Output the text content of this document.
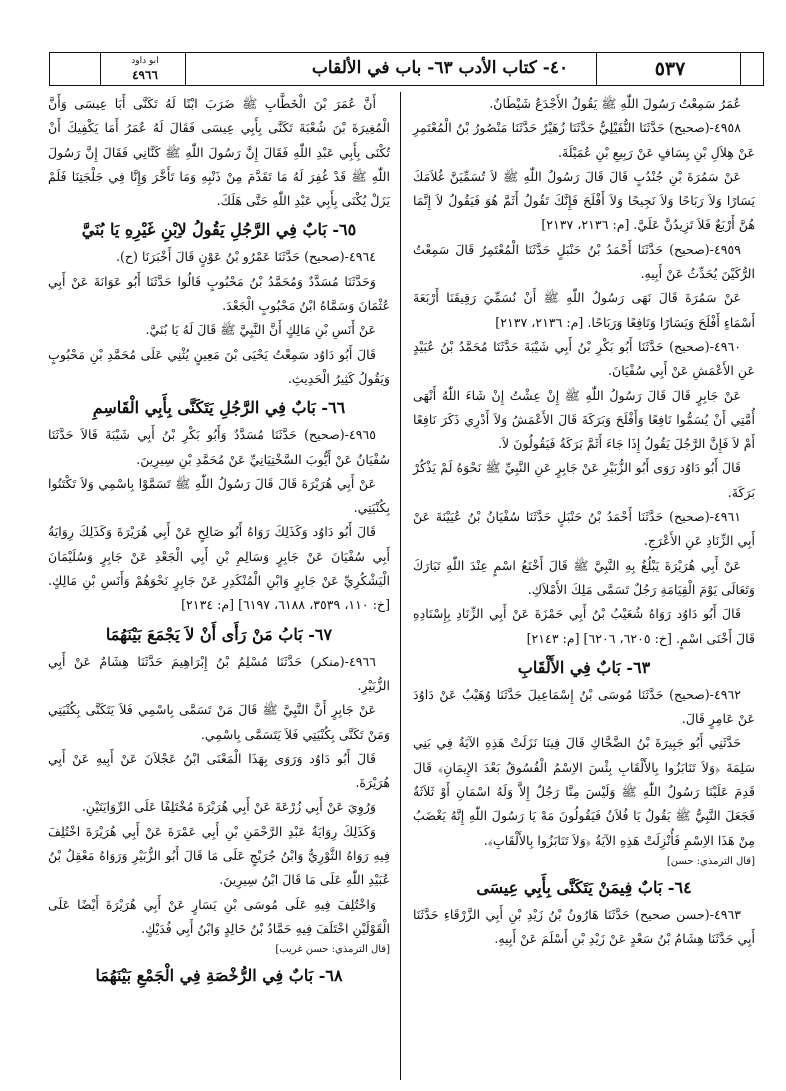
ابو داود
٤٩٦٦	٤٠- كتاب الأدب ٦٣- باب في الألقاب	٥٣٧
عُمَرُ سَمِعْتُ رَسُولَ اللّٰهِ ﷺ يَقُولُ الأَجْدَعُ شَيْطَانٌ.
٤٩٥٨-(صحيح) حَدَّثَنَا النُّفَيْلِيُّ حَدَّثَنَا زُهَيْرٌ حَدَّثَنَا مَنْصُورُ بْنُ الْمُعْتَمِرِ عَنْ هِلاَلِ بْنِ يِسَافٍ عَنْ رَبِيعِ بْنِ عُمَيْلَةَ.
عَنْ سَمُرَةَ بْنِ جُنْدُبٍ قَالَ قَالَ رَسُولُ اللّٰهِ ﷺ لاَ تُسَمِّيَنَّ غُلاَمَكَ يَسَارًا وَلاَ رَبَاحًا وَلاَ نَجِيحًا وَلاَ أَفْلَحَ فَإِنَّكَ تَقُولُ أَثَمَّ هُوَ فَيَقُولُ لاَ إِنَّمَا هُنَّ أَرْبَعٌ فَلاَ تَزِيدُنَّ عَلَيَّ. [م: ٢١٣٦، ٢١٣٧]
٤٩٥٩-(صحيح) حَدَّثَنَا أَحْمَدُ بْنُ حَنْبَلٍ حَدَّثَنَا الْمُعْتَمِرُ قَالَ سَمِعْتُ الرُّكَيْنَ يُحَدِّثُ عَنْ أَبِيهِ.
عَنْ سَمُرَةَ قَالَ نَهَى رَسُولُ اللّٰهِ ﷺ أَنْ نُسَمِّيَ رَقِيقَنَا أَرْبَعَةَ أَسْمَاءٍ أَفْلَحَ وَيَسَارًا وَنَافِعًا وَرَبَاحًا. [م: ٢١٣٦، ٢١٣٧]
٤٩٦٠-(صحيح) حَدَّثَنَا أَبُو بَكْرِ بْنُ أَبِي شَيْبَةَ حَدَّثَنَا مُحَمَّدُ بْنُ عُبَيْدٍ عَنِ الأَعْمَشِ عَنْ أَبِي سُفْيَانَ.
عَنْ جَابِرٍ قَالَ قَالَ رَسُولُ اللّٰهِ ﷺ إِنْ عِشْتُ إِنْ شَاءَ اللّٰهُ أَنْهَى أُمَّتِي أَنْ يُسَمُّوا نَافِعًا وَأَفْلَحَ وَبَرَكَةَ قَالَ الأَعْمَشُ وَلاَ أَدْرِي ذَكَرَ نَافِعًا أَمْ لاَ فَإِنَّ الرَّجُلَ يَقُولُ إِذَا جَاءَ أَثَمَّ بَرَكَةُ فَيَقُولُونَ لاَ.
قَالَ أَبُو دَاوُد رَوَى أَبُو الزُّبَيْرِ عَنْ جَابِرٍ عَنِ النَّبِيِّ ﷺ نَحْوَهُ لَمْ يَذْكُرْ بَرَكَةَ.
٤٩٦١-(صحيح) حَدَّثَنَا أَحْمَدُ بْنُ حَنْبَلٍ حَدَّثَنَا سُفْيَانُ بْنُ عُيَيْنَةَ عَنْ أَبِي الزِّنَادِ عَنِ الأَعْرَجِ.
عَنْ أَبِي هُرَيْرَةَ يَبْلُغُ بِهِ النَّبِيَّ ﷺ قَالَ أَخْنَعُ اسْمٍ عِنْدَ اللّٰهِ تَبَارَكَ وَتَعَالَى يَوْمَ الْقِيَامَةِ رَجُلٌ تَسَمَّى مَلِكَ الأَمْلاَكِ.
قَالَ أَبُو دَاوُد رَوَاهُ شُعَيْبُ بْنُ أَبِي حَمْزَةَ عَنْ أَبِي الزِّنَادِ بِإِسْنَادِهِ قَالَ أَخْنَى اسْمٍ. [خ: ٦٢٠٥، ٦٢٠٦] [م: ٢١٤٣]
٦٣- بَابٌ فِي الأَلْقَابِ
٤٩٦٢-(صحيح) حَدَّثَنَا مُوسَى بْنُ إِسْمَاعِيلَ حَدَّثَنَا وُهَيْبٌ عَنْ دَاوُدَ عَنْ عَامِرٍ قَالَ.
حَدَّثَنِي أَبُو جَبِيرَةَ بْنُ الضَّحَّاكِ قَالَ فِينَا نَزَلَتْ هَذِهِ الآيَةُ فِي بَنِي سَلِمَةَ ﴿وَلاَ تَنَابَزُوا بِالأَلْقَابِ بِئْسَ الاِسْمُ الْفُسُوقُ بَعْدَ الإِيمَانِ﴾ قَالَ قَدِمَ عَلَيْنَا رَسُولُ اللّٰهِ ﷺ وَلَيْسَ مِنَّا رَجُلٌ إِلاَّ وَلَهُ اسْمَانِ أَوْ ثَلاَثَةٌ فَجَعَلَ النَّبِيُّ ﷺ يَقُولُ يَا فُلاَنُ فَيَقُولُونَ مَهْ يَا رَسُولَ اللّٰهِ إِنَّهُ يَغْضَبُ مِنْ هَذَا الاِسْمِ فَأُنْزِلَتْ هَذِهِ الآيَةُ ﴿وَلاَ تَنَابَزُوا بِالأَلْقَابِ﴾.
[قال الترمذي: حسن]
٦٤- بَابٌ فِيمَنْ يَتَكَنَّى بِأَبِي عِيسَى
٤٩٦٣-(حسن صحيح) حَدَّثَنَا هَارُونُ بْنُ زَيْدِ بْنِ أَبِي الزَّرْقَاءِ حَدَّثَنَا أَبِي حَدَّثَنَا هِشَامُ بْنُ سَعْدٍ عَنْ زَيْدِ بْنِ أَسْلَمَ عَنْ أَبِيهِ.
أَنَّ عُمَرَ بْنَ الْخَطَّابِ ﷺ ضَرَبَ ابْنًا لَهُ تَكَنَّى أَبَا عِيسَى وَأَنَّ الْمُغِيرَةَ بْنَ شُعْبَةَ تَكَنَّى بِأَبِي عِيسَى فَقَالَ لَهُ عُمَرُ أَمَا يَكْفِيكَ أَنْ تُكْنَى بِأَبِي عَبْدِ اللّٰهِ فَقَالَ إِنَّ رَسُولَ اللّٰهِ ﷺ كَنَّانِي فَقَالَ إِنَّ رَسُولَ اللّٰهِ ﷺ قَدْ غُفِرَ لَهُ مَا تَقَدَّمَ مِنْ ذَنْبِهِ وَمَا تَأَخَّرَ وَإِنَّا فِي جَلْجَتِنَا فَلَمْ يَزَلْ يُكْنَى بِأَبِي عَبْدِ اللّٰهِ حَتَّى هَلَكَ.
٦٥- بَابٌ فِي الرَّجُلِ يَقُولُ لاِبْنِ غَيْرِهِ يَا بُنَيَّ
٤٩٦٤-(صحيح) حَدَّثَنَا عَمْرُو بْنُ عَوْنٍ قَالَ أَخْبَرَنَا (ح).
وَحَدَّثَنَا مُسَدَّدٌ وَمُحَمَّدُ بْنُ مَحْبُوبٍ قَالُوا حَدَّثَنَا أَبُو عَوَانَةَ عَنْ أَبِي عُثْمَانَ وَسَمَّاهُ ابْنُ مَحْبُوبٍ الْجَعْدَ.
عَنْ أَنَسِ بْنِ مَالِكٍ أَنَّ النَّبِيَّ ﷺ قَالَ لَهُ يَا بُنَيَّ.
قَالَ أَبُو دَاوُد سَمِعْتُ يَحْيَى بْنَ مَعِينٍ يُثْنِي عَلَى مُحَمَّدِ بْنِ مَحْبُوبٍ وَيَقُولُ كَثِيرُ الْحَدِيثِ.
٦٦- بَابٌ فِي الرَّجُلِ يَتَكَنَّى بِأَبِي الْقَاسِمِ
٤٩٦٥-(صحيح) حَدَّثَنَا مُسَدَّدٌ وَأَبُو بَكْرِ بْنُ أَبِي شَيْبَةَ قَالاَ حَدَّثَنَا سُفْيَانُ عَنْ أَيُّوبَ السَّخْتِيَانِيِّ عَنْ مُحَمَّدِ بْنِ سِيرِينَ.
عَنْ أَبِي هُرَيْرَةَ قَالَ قَالَ رَسُولُ اللّٰهِ ﷺ تَسَمَّوْا بِاسْمِي وَلاَ تَكْتَنُوا بِكُنْيَتِي.
قَالَ أَبُو دَاوُد وَكَذَلِكَ رَوَاهُ أَبُو صَالِحٍ عَنْ أَبِي هُرَيْرَةَ وَكَذَلِكَ رِوَايَةُ أَبِي سُفْيَانَ عَنْ جَابِرٍ وَسَالِمِ بْنِ أَبِي الْجَعْدِ عَنْ جَابِرٍ وَسُلَيْمَانَ الْيَشْكُرِيِّ عَنْ جَابِرٍ وَابْنِ الْمُنْكَدِرِ عَنْ جَابِرٍ نَحْوَهُمْ وَأَنَسِ بْنِ مَالِكٍ. [خ: ١١٠، ٣٥٣٩، ٦١٨٨، ٦١٩٧] [م: ٢١٣٤]
٦٧- بَابُ مَنْ رَأَى أَنْ لاَ يَجْمَعَ بَيْنَهُمَا
٤٩٦٦-(منكر) حَدَّثَنَا مُسْلِمُ بْنُ إِبْرَاهِيمَ حَدَّثَنَا هِشَامٌ عَنْ أَبِي الزُّبَيْرِ.
عَنْ جَابِرٍ أَنَّ النَّبِيَّ ﷺ قَالَ مَنْ تَسَمَّى بِاسْمِي فَلاَ يَتَكَنَّى بِكُنْيَتِي وَمَنْ تَكَنَّى بِكُنْيَتِي فَلاَ يَتَسَمَّى بِاسْمِي.
قَالَ أَبُو دَاوُد وَرَوَى بِهَذَا الْمَعْنَى ابْنُ عَجْلاَنَ عَنْ أَبِيهِ عَنْ أَبِي هُرَيْرَةَ.
وَرُوِيَ عَنْ أَبِي زُرْعَةَ عَنْ أَبِي هُرَيْرَةَ مُخْتَلِفًا عَلَى الرِّوَايَتَيْنِ.
وَكَذَلِكَ رِوَايَةُ عَبْدِ الرَّحْمَنِ بْنِ أَبِي عَمْرَةَ عَنْ أَبِي هُرَيْرَةَ اخْتُلِفَ فِيهِ رَوَاهُ الثَّوْرِيُّ وَابْنُ جُرَيْجٍ عَلَى مَا قَالَ أَبُو الزُّبَيْرِ وَرَوَاهُ مَعْقِلُ بْنُ عُبَيْدِ اللّٰهِ عَلَى مَا قَالَ ابْنُ سِيرِينَ.
وَاخْتُلِفَ فِيهِ عَلَى مُوسَى بْنِ يَسَارٍ عَنْ أَبِي هُرَيْرَةَ أَيْضًا عَلَى الْقَوْلَيْنِ اخْتَلَفَ فِيهِ حَمَّادُ بْنُ خَالِدٍ وَابْنُ أَبِي فُدَيْكٍ.
[قال الترمذي: حسن غريب]
٦٨- بَابٌ فِي الرُّخْصَةِ فِي الْجَمْعِ بَيْنَهُمَا
